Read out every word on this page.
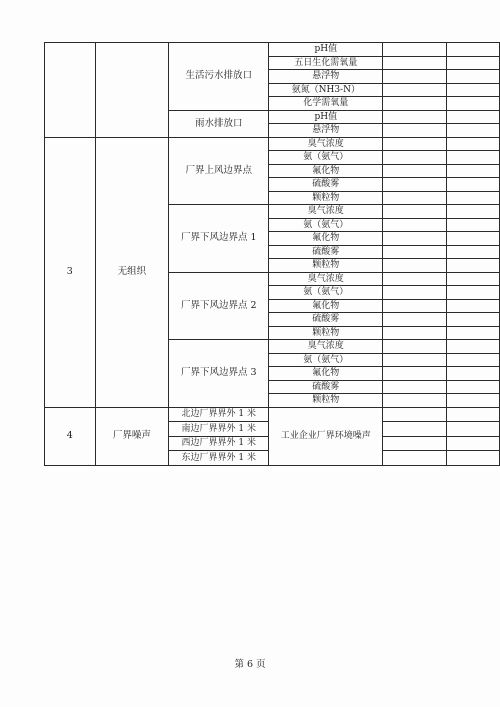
		生活污水排放口	pH值		
			五日生化需氧量		
			悬浮物		
			氨氮（NH3-N）		
			化学需氧量		
		雨水排放口	pH值		
			悬浮物		
3	无组织	厂界上风边界点	臭气浓度		
			氨（氨气）		
			氟化物		
			硫酸雾		
			颗粒物		
		厂界下风边界点 1	臭气浓度		
			氨（氨气）		
			氟化物		
			硫酸雾		
			颗粒物		
		厂界下风边界点 2	臭气浓度		
			氨（氨气）		
			氟化物		
			硫酸雾		
			颗粒物		
		厂界下风边界点 3	臭气浓度		
			氨（氨气）		
			氟化物		
			硫酸雾		
			颗粒物		
4	厂界噪声	北边厂界界外 1 米	工业企业厂界环境噪声		
		南边厂界界外 1 米			
		西边厂界界外 1 米			
		东边厂界界外 1 米			
第 6 页
